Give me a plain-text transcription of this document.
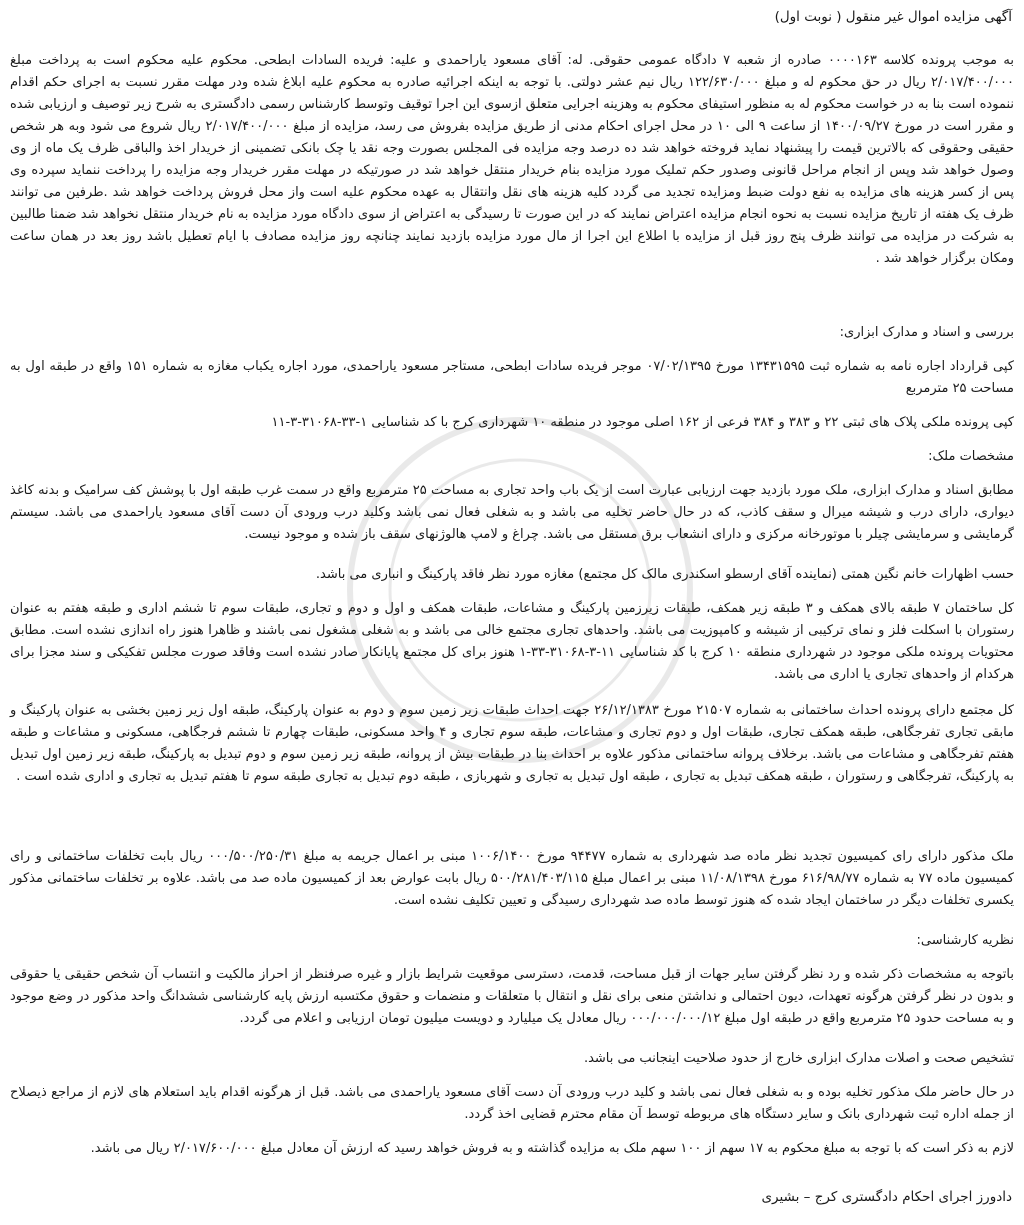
آگهی مزایده اموال غیر منقول ( نوبت اول)

به موجب پرونده کلاسه ۰۰۰۰۱۶۳ صادره از شعبه ۷ دادگاه عمومی حقوقی. له: آقای مسعود یاراحمدی و علیه: فریده السادات ابطحی. محکوم علیه محکوم است به پرداخت مبلغ ۲/۰۱۷/۴۰۰/۰۰۰ ریال در حق محکوم له و مبلغ ۱۲۲/۶۳۰/۰۰۰ ریال نیم عشر دولتی. با توجه به اینکه اجرائیه صادره به محکوم علیه ابلاغ شده ودر مهلت مقرر نسبت به اجرای حکم اقدام ننموده است بنا به در خواست محکوم له به منظور استیفای محکوم به وهزینه اجرایی متعلق ازسوی این اجرا توقیف وتوسط کارشناس رسمی دادگستری به شرح زیر توصیف و ارزیابی شده و مقرر است در مورخ ۱۴۰۰/۰۹/۲۷ از ساعت ۹ الی ۱۰ در محل اجرای احکام مدنی از طریق مزایده بفروش می رسد، مزایده از مبلغ ۲/۰۱۷/۴۰۰/۰۰۰ ریال شروع می شود وبه هر شخص حقیقی وحقوقی که بالاترین قیمت را پیشنهاد نماید فروخته خواهد شد ده درصد وجه مزایده فی المجلس بصورت وجه نقد یا چک بانکی تضمینی از خریدار اخذ والباقی ظرف یک ماه از وی وصول خواهد شد وپس از انجام مراحل قانونی وصدور حکم تملیک مورد مزایده بنام خریدار منتقل خواهد شد در صورتیکه در مهلت مقرر خریدار وجه مزایده را پرداخت ننماید سپرده وی پس از کسر هزینه های مزایده به نفع دولت ضبط ومزایده تجدید می گردد کلیه هزینه های نقل وانتقال به عهده محکوم علیه است واز محل فروش پرداخت خواهد شد .طرفین می توانند ظرف یک هفته از تاریخ مزایده نسبت به نحوه انجام مزایده اعتراض نمایند که در این صورت تا رسیدگی به اعتراض از سوی دادگاه مورد مزایده به نام خریدار منتقل نخواهد شد ضمنا طالبین به شرکت در مزایده می توانند ظرف پنج روز قبل از مزایده با اطلاع این اجرا از مال مورد مزایده بازدید نمایند چنانچه روز مزایده مصادف با ایام تعطیل باشد روز بعد در همان ساعت ومکان برگزار خواهد شد .

بررسی و اسناد و مدارک ابزاری:

کپی قرارداد اجاره نامه به شماره ثبت ۱۳۴۳۱۵۹۵ مورخ ۰۷/۰۲/۱۳۹۵ موجر فریده سادات ابطحی، مستاجر مسعود یاراحمدی، مورد اجاره یکباب مغازه به شماره ۱۵۱ واقع در طبقه اول به مساحت ۲۵ مترمربع

کپی پرونده ملکی پلاک های ثبتی ۲۲ و ۳۸۳ و ۳۸۴ فرعی از ۱۶۲ اصلی موجود در منطقه ۱۰ شهرداری کرج با کد شناسایی ۱-۳۳-۳۱۰۶۸-۳-۱۱

مشخصات ملک:

مطابق اسناد و مدارک ابزاری، ملک مورد بازدید جهت ارزیابی عبارت است از یک باب واحد تجاری به مساحت ۲۵ مترمربع واقع در سمت غرب طبقه اول با پوشش کف سرامیک و بدنه کاغذ دیواری، دارای درب و شیشه میرال و سقف کاذب، که در حال حاضر تخلیه می باشد و به شغلی فعال نمی باشد وکلید درب ورودی آن دست آقای مسعود یاراحمدی می باشد. سیستم گرمایشی و سرمایشی چیلر با موتورخانه مرکزی و دارای انشعاب برق مستقل می باشد. چراغ و لامپ هالوژنهای سقف باز شده و موجود نیست.

حسب اظهارات خانم نگین همتی (نماینده آقای ارسطو اسکندری مالک کل مجتمع) مغازه مورد نظر فاقد پارکینگ و انباری می باشد.

کل ساختمان ۷ طبقه بالای همکف و ۳ طبقه زیر همکف، طبقات زیرزمین پارکینگ و مشاعات، طبقات همکف و اول و دوم و تجاری، طبقات سوم تا ششم اداری و طبقه هفتم به عنوان رستوران با اسکلت فلز و نمای ترکیبی از شیشه و کامپوزیت می باشد. واحدهای تجاری مجتمع خالی می باشد و به شغلی مشغول نمی باشند و ظاهرا هنوز راه اندازی نشده است. مطابق محتویات پرونده ملکی موجود در شهرداری منطقه ۱۰ کرج با کد شناسایی ۱۱-۳-۳۱۰۶۸-۳۳-۱ هنوز برای کل مجتمع پایانکار صادر نشده است وفاقد صورت مجلس تفکیکی و سند مجزا برای هرکدام از واحدهای تجاری یا اداری می باشد.

کل مجتمع دارای پرونده احداث ساختمانی به شماره ۲۱۵۰۷ مورخ ۲۶/۱۲/۱۳۸۳ جهت احداث طبقات زیر زمین سوم و دوم به عنوان پارکینگ، طبقه اول زیر زمین بخشی به عنوان پارکینگ و مابقی تجاری تفرجگاهی، طبقه همکف تجاری، طبقات اول و دوم تجاری و مشاعات، طبقه سوم تجاری و ۴ واحد مسکونی، طبقات چهارم تا ششم فرجگاهی، مسکونی و مشاعات و طبقه هفتم تفرجگاهی و مشاعات می باشد. برخلاف پروانه ساختمانی مذکور علاوه بر احداث بنا در طبقات بیش از پروانه، طبقه زیر زمین سوم و دوم تبدیل به پارکینگ، طبقه زیر زمین اول تبدیل به پارکینگ، تفرجگاهی و رستوران ، طبقه همکف تبدیل به تجاری ، طبقه اول تبدیل به تجاری و شهربازی ، طبقه دوم تبدیل به تجاری طبقه سوم تا هفتم تبدیل به تجاری و اداری شده است .

ملک مذکور دارای رای کمیسیون تجدید نظر ماده صد شهرداری به شماره ۹۴۴۷۷ مورخ ۱۰۰۶/۱۴۰۰ مبنی بر اعمال جریمه به مبلغ ۰۰۰/۵۰۰/۲۵۰/۳۱ ریال بابت تخلفات ساختمانی و رای کمیسیون ماده ۷۷ به شماره ۶۱۶/۹۸/۷۷ مورخ ۱۱/۰۸/۱۳۹۸ مبنی بر اعمال مبلغ ۵۰۰/۲۸۱/۴۰۳/۱۱۵ ریال بابت عوارض بعد از کمیسیون ماده صد می باشد. علاوه بر تخلفات ساختمانی مذکور یکسری تخلفات دیگر در ساختمان ایجاد شده که هنوز توسط ماده صد شهرداری رسیدگی و تعیین تکلیف نشده است.

نظریه کارشناسی:

باتوجه به مشخصات ذکر شده و رد نظر گرفتن سایر جهات از قبل مساحت، قدمت، دسترسی موقعیت شرایط بازار و غیره صرفنظر از احراز مالکیت و انتساب آن شخص حقیقی یا حقوقی و بدون در نظر گرفتن هرگونه تعهدات، دیون احتمالی و نداشتن منعی برای نقل و انتقال با متعلقات و منضمات و حقوق مکتسبه ارزش پایه کارشناسی ششدانگ واحد مذکور در وضع موجود و به مساحت حدود ۲۵ مترمربع واقع در طبقه اول مبلغ ۰۰۰/۰۰۰/۰۰۰/۱۲ ریال معادل یک میلیارد و دویست میلیون تومان ارزیابی و اعلام می گردد.

تشخیص صحت و اصلات مدارک ابزاری خارج از حدود صلاحیت اینجانب می باشد.

در حال حاضر ملک مذکور تخلیه بوده و به شغلی فعال نمی باشد و کلید درب ورودی آن دست آقای مسعود یاراحمدی می باشد. قبل از هرگونه اقدام باید استعلام های لازم از مراجع ذیصلاح از جمله اداره ثبت شهرداری بانک و سایر دستگاه های مربوطه توسط آن مقام محترم قضایی اخذ گردد.

لازم به ذکر است که با توجه به مبلغ محکوم به ۱۷ سهم از ۱۰۰ سهم ملک به مزایده گذاشته و به فروش خواهد رسید که ارزش آن معادل مبلغ ۲/۰۱۷/۶۰۰/۰۰۰ ریال می باشد.

دادورز اجرای احکام دادگستری کرج – بشیری
